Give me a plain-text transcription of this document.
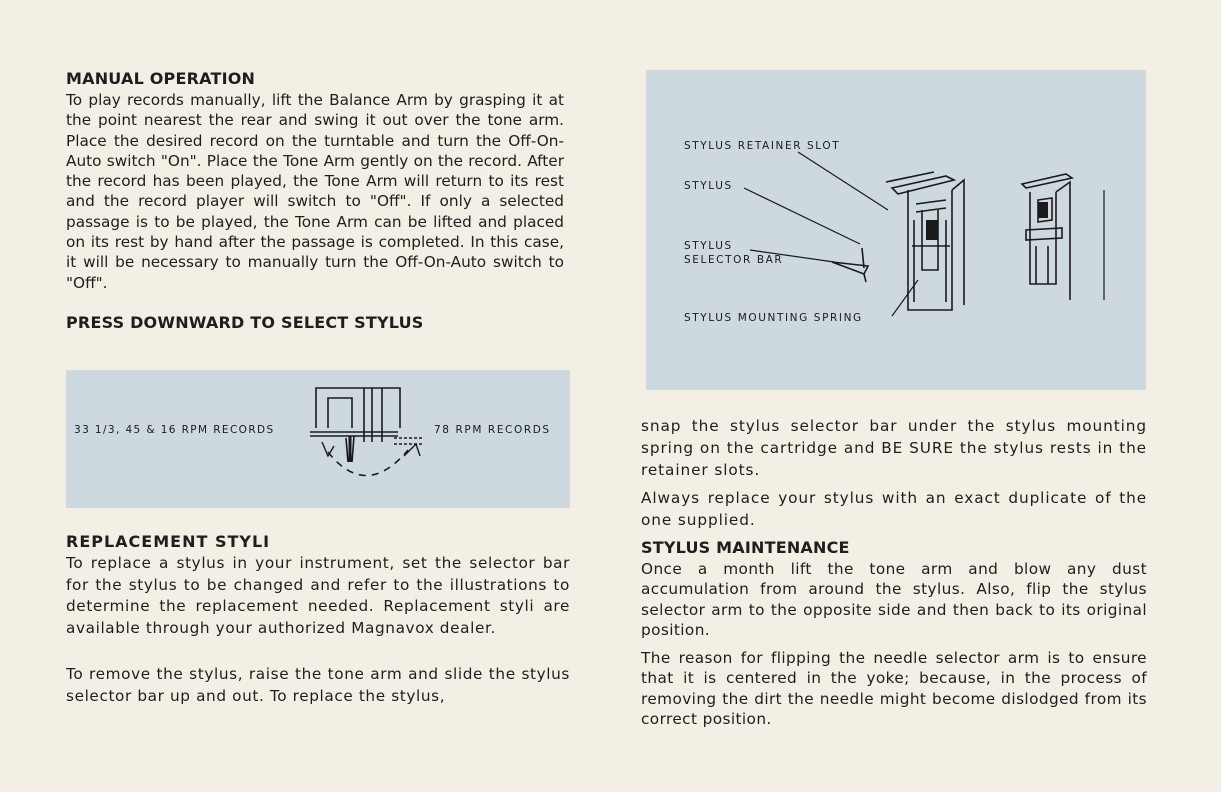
MANUAL OPERATION

To play records manually, lift the Balance Arm by grasping it at the point nearest the rear and swing it out over the tone arm. Place the desired record on the turntable and turn the Off-On-Auto switch "On". Place the Tone Arm gently on the record. After the record has been played, the Tone Arm will return to its rest and the record player will switch to "Off". If only a selected passage is to be played, the Tone Arm can be lifted and placed on its rest by hand after the passage is completed. In this case, it will be necessary to manually turn the Off-On-Auto switch to "Off".

PRESS DOWNWARD TO SELECT STYLUS
33 1/3, 45 & 16 RPM RECORDS	78 RPM RECORDS
REPLACEMENT STYLI

To replace a stylus in your instrument, set the selector bar for the stylus to be changed and refer to the illustrations to determine the replacement needed. Replacement styli are available through your authorized Magnavox dealer.

To remove the stylus, raise the tone arm and slide the stylus selector bar up and out. To replace the stylus,

STYLUS RETAINER SLOT
STYLUS
STYLUS
SELECTOR BAR
STYLUS MOUNTING SPRING

snap the stylus selector bar under the stylus mounting spring on the cartridge and BE SURE the stylus rests in the retainer slots.

Always replace your stylus with an exact duplicate of the one supplied.

STYLUS MAINTENANCE

Once a month lift the tone arm and blow any dust accumulation from around the stylus. Also, flip the stylus selector arm to the opposite side and then back to its original position.

The reason for flipping the needle selector arm is to ensure that it is centered in the yoke; because, in the process of removing the dirt the needle might become dislodged from its correct position.
